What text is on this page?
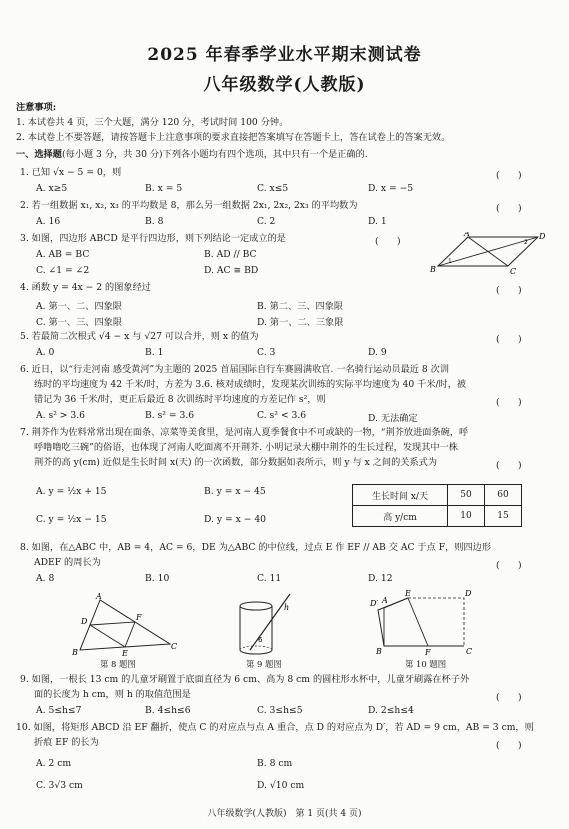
2025 年春季学业水平期末测试卷
八年级数学(人教版)
注意事项:
1. 本试卷共 4 页，三个大题，满分 120 分，考试时间 100 分钟。
2. 本试卷上不要答题，请按答题卡上注意事项的要求直接把答案填写在答题卡上，答在试卷上的答案无效。
一、选择题(每小题 3 分，共 30 分)下列各小题均有四个选项，其中只有一个是正确的.
1. 已知 √x − 5 = 0，则	(　　)
A. x≥5	B. x = 5	C. x≤5	D. x = −5
2. 若一组数据 x₁, x₂, x₃ 的平均数是 8，那么另一组数据 2x₁, 2x₂, 2x₃ 的平均数为	(　　)
A. 16	B. 8	C. 2	D. 1
3. 如图，四边形 ABCD 是平行四边形，则下列结论一定成立的是	(　　)
A. AB = BC	B. AD // BC
C. ∠1 = ∠2	D. AC ≅ BD
A	D
B	C
1
2
4. 函数 y = 4x − 2 的图象经过	(　　)
A. 第一、二、四象限	B. 第二、三、四象限
C. 第一、三、四象限	D. 第一、二、三象限
5. 若最简二次根式 √4 − x 与 √27 可以合并，则 x 的值为	(　　)
A. 0	B. 1	C. 3	D. 9
6. 近日，以“行走河南 感受黄河”为主题的 2025 首届国际自行车赛圆满收官. 一名骑行运动员最近 8 次训
练时的平均速度为 42 千米/时，方差为 3.6. 核对成绩时，发现某次训练的实际平均速度为 40 千米/时，被
错记为 36 千米/时，更正后最近 8 次训练时平均速度的方差记作 s²，则	(　　)
A. s² > 3.6	B. s² = 3.6	C. s² < 3.6	D. 无法确定
7. 荆芥作为佐料常常出现在面条、凉菜等美食里，是河南人夏季餐食中不可或缺的一物，“荆芥放进面条碗，呼
呼噜噜吃三碗”的俗语，也体现了河南人吃面离不开荆芥. 小明记录大棚中荆芥的生长过程，发现其中一株
荆芥的高 y(cm) 近似是生长时间 x(天) 的一次函数，部分数据如表所示，则 y 与 x 之间的关系式为	(　　)
A. y = ½x + 15	B. y = x − 45
C. y = ½x − 15	D. y = x − 40
生长时间 x/天	50	60
高 y/cm	10	15
8. 如图，在△ABC 中，AB = 4，AC = 6，DE 为△ABC 的中位线，过点 E 作 EF // AB 交 AC 于点 F，则四边形
ADEF 的周长为	(　　)
A. 8	B. 10	C. 11	D. 12
A
B
C
D
E
F
h
6
D′ A
E	D
B	F	C
第 8 题图	第 9 题图	第 10 题图
9. 如图，一根长 13 cm 的儿童牙刷置于底面直径为 6 cm、高为 8 cm 的圆柱形水杯中，儿童牙刷露在杯子外
面的长度为 h cm，则 h 的取值范围是	(　　)
A. 5≤h≤7	B. 4≤h≤6	C. 3≤h≤5	D. 2≤h≤4
10. 如图，将矩形 ABCD 沿 EF 翻折，使点 C 的对应点与点 A 重合，点 D 的对应点为 D′，若 AD = 9 cm，AB = 3 cm，则
折痕 EF 的长为	(　　)
A. 2 cm	B. 8 cm
C. 3√3 cm	D. √10 cm
八年级数学(人教版)　第 1 页(共 4 页)
